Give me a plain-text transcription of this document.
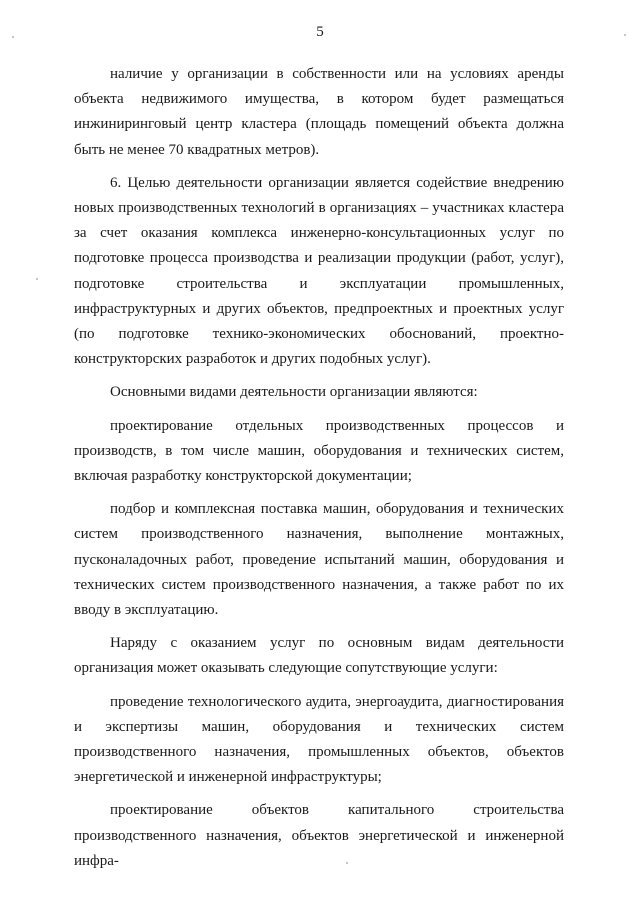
5

наличие у организации в собственности или на условиях аренды объекта недвижимого имущества, в котором будет размещаться инжиниринговый центр кластера (площадь помещений объекта должна быть не менее 70 квадратных метров).

6. Целью деятельности организации является содействие внедрению новых производственных технологий в организациях – участниках кластера за счет оказания комплекса инженерно-консультационных услуг по подготовке процесса производства и реализации продукции (работ, услуг), подготовке строительства и эксплуатации промышленных, инфраструктурных и других объектов, предпроектных и проектных услуг (по подготовке технико-экономических обоснований, проектно-конструкторских разработок и других подобных услуг).

Основными видами деятельности организации являются:

проектирование отдельных производственных процессов и производств, в том числе машин, оборудования и технических систем, включая разработку конструкторской документации;

подбор и комплексная поставка машин, оборудования и технических систем производственного назначения, выполнение монтажных, пусконаладочных работ, проведение испытаний машин, оборудования и технических систем производственного назначения, а также работ по их вводу в эксплуатацию.

Наряду с оказанием услуг по основным видам деятельности организация может оказывать следующие сопутствующие услуги:

проведение технологического аудита, энергоаудита, диагностирования и экспертизы машин, оборудования и технических систем производственного назначения, промышленных объектов, объектов энергетической и инженерной инфраструктуры;

проектирование объектов капитального строительства производственного назначения, объектов энергетической и инженерной инфра-
